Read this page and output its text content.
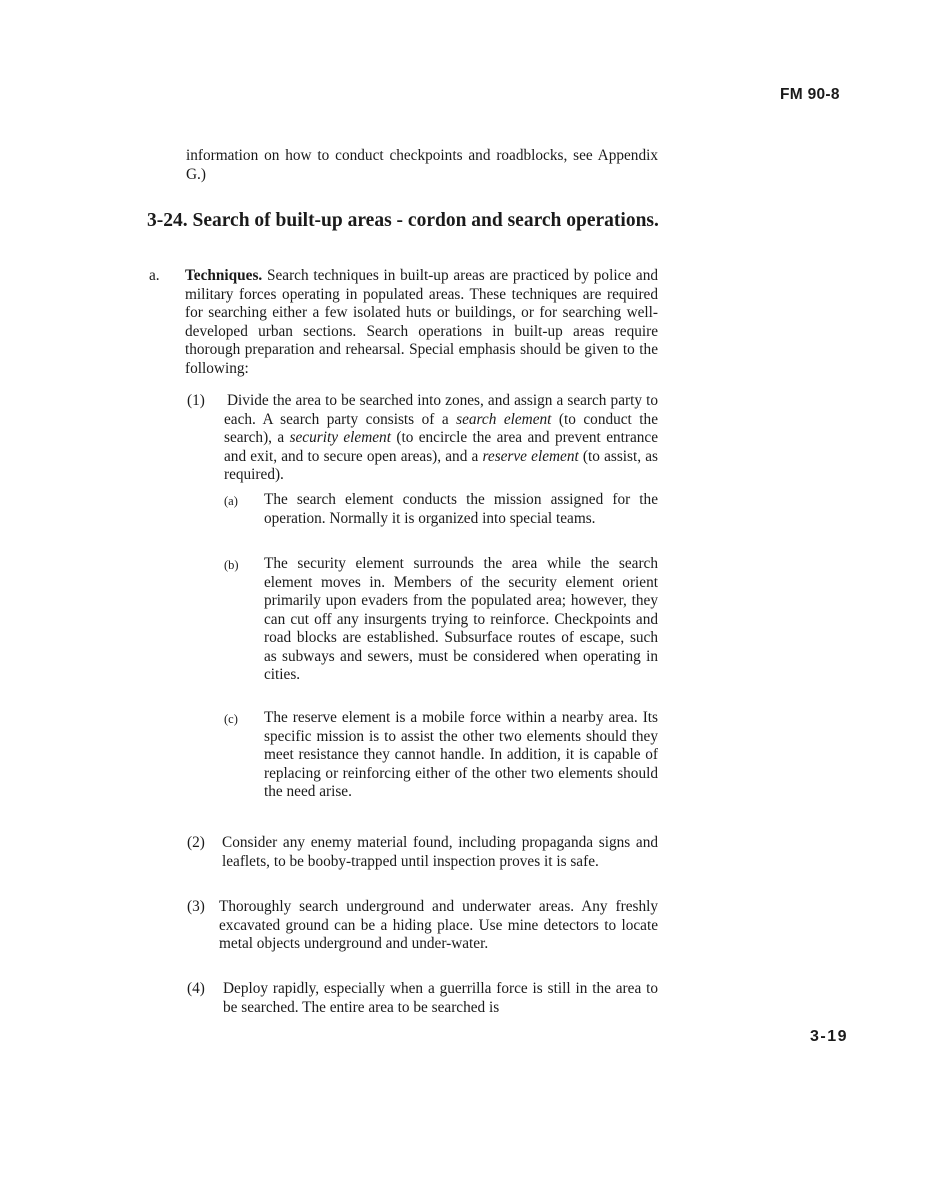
FM 90-8

information on how to conduct checkpoints and roadblocks, see Appendix G.)

3-24. Search of built-up areas - cordon and search operations.
a. Techniques. Search techniques in built-up areas are practiced by police and military forces operating in populated areas. These techniques are required for searching either a few isolated huts or buildings, or for searching well-developed urban sections. Search operations in built-up areas require thorough preparation and rehearsal. Special emphasis should be given to the following:

(1) Divide the area to be searched into zones, and assign a search party to each. A search party consists of a search element (to conduct the search), a security element (to encircle the area and prevent entrance and exit, and to secure open areas), and a reserve element (to assist, as required).

(a) The search element conducts the mission assigned for the operation. Normally it is organized into special teams.

(b) The security element surrounds the area while the search element moves in. Members of the security element orient primarily upon evaders from the populated area; however, they can cut off any insurgents trying to reinforce. Checkpoints and road blocks are established. Subsurface routes of escape, such as subways and sewers, must be considered when operating in cities.

(c) The reserve element is a mobile force within a nearby area. Its specific mission is to assist the other two elements should they meet resistance they cannot handle. In addition, it is capable of replacing or reinforcing either of the other two elements should the need arise.

(2) Consider any enemy material found, including propaganda signs and leaflets, to be booby-trapped until inspection proves it is safe.

(3) Thoroughly search underground and underwater areas. Any freshly excavated ground can be a hiding place. Use mine detectors to locate metal objects underground and under-water.

(4) Deploy rapidly, especially when a guerrilla force is still in the area to be searched. The entire area to be searched is

3-19
